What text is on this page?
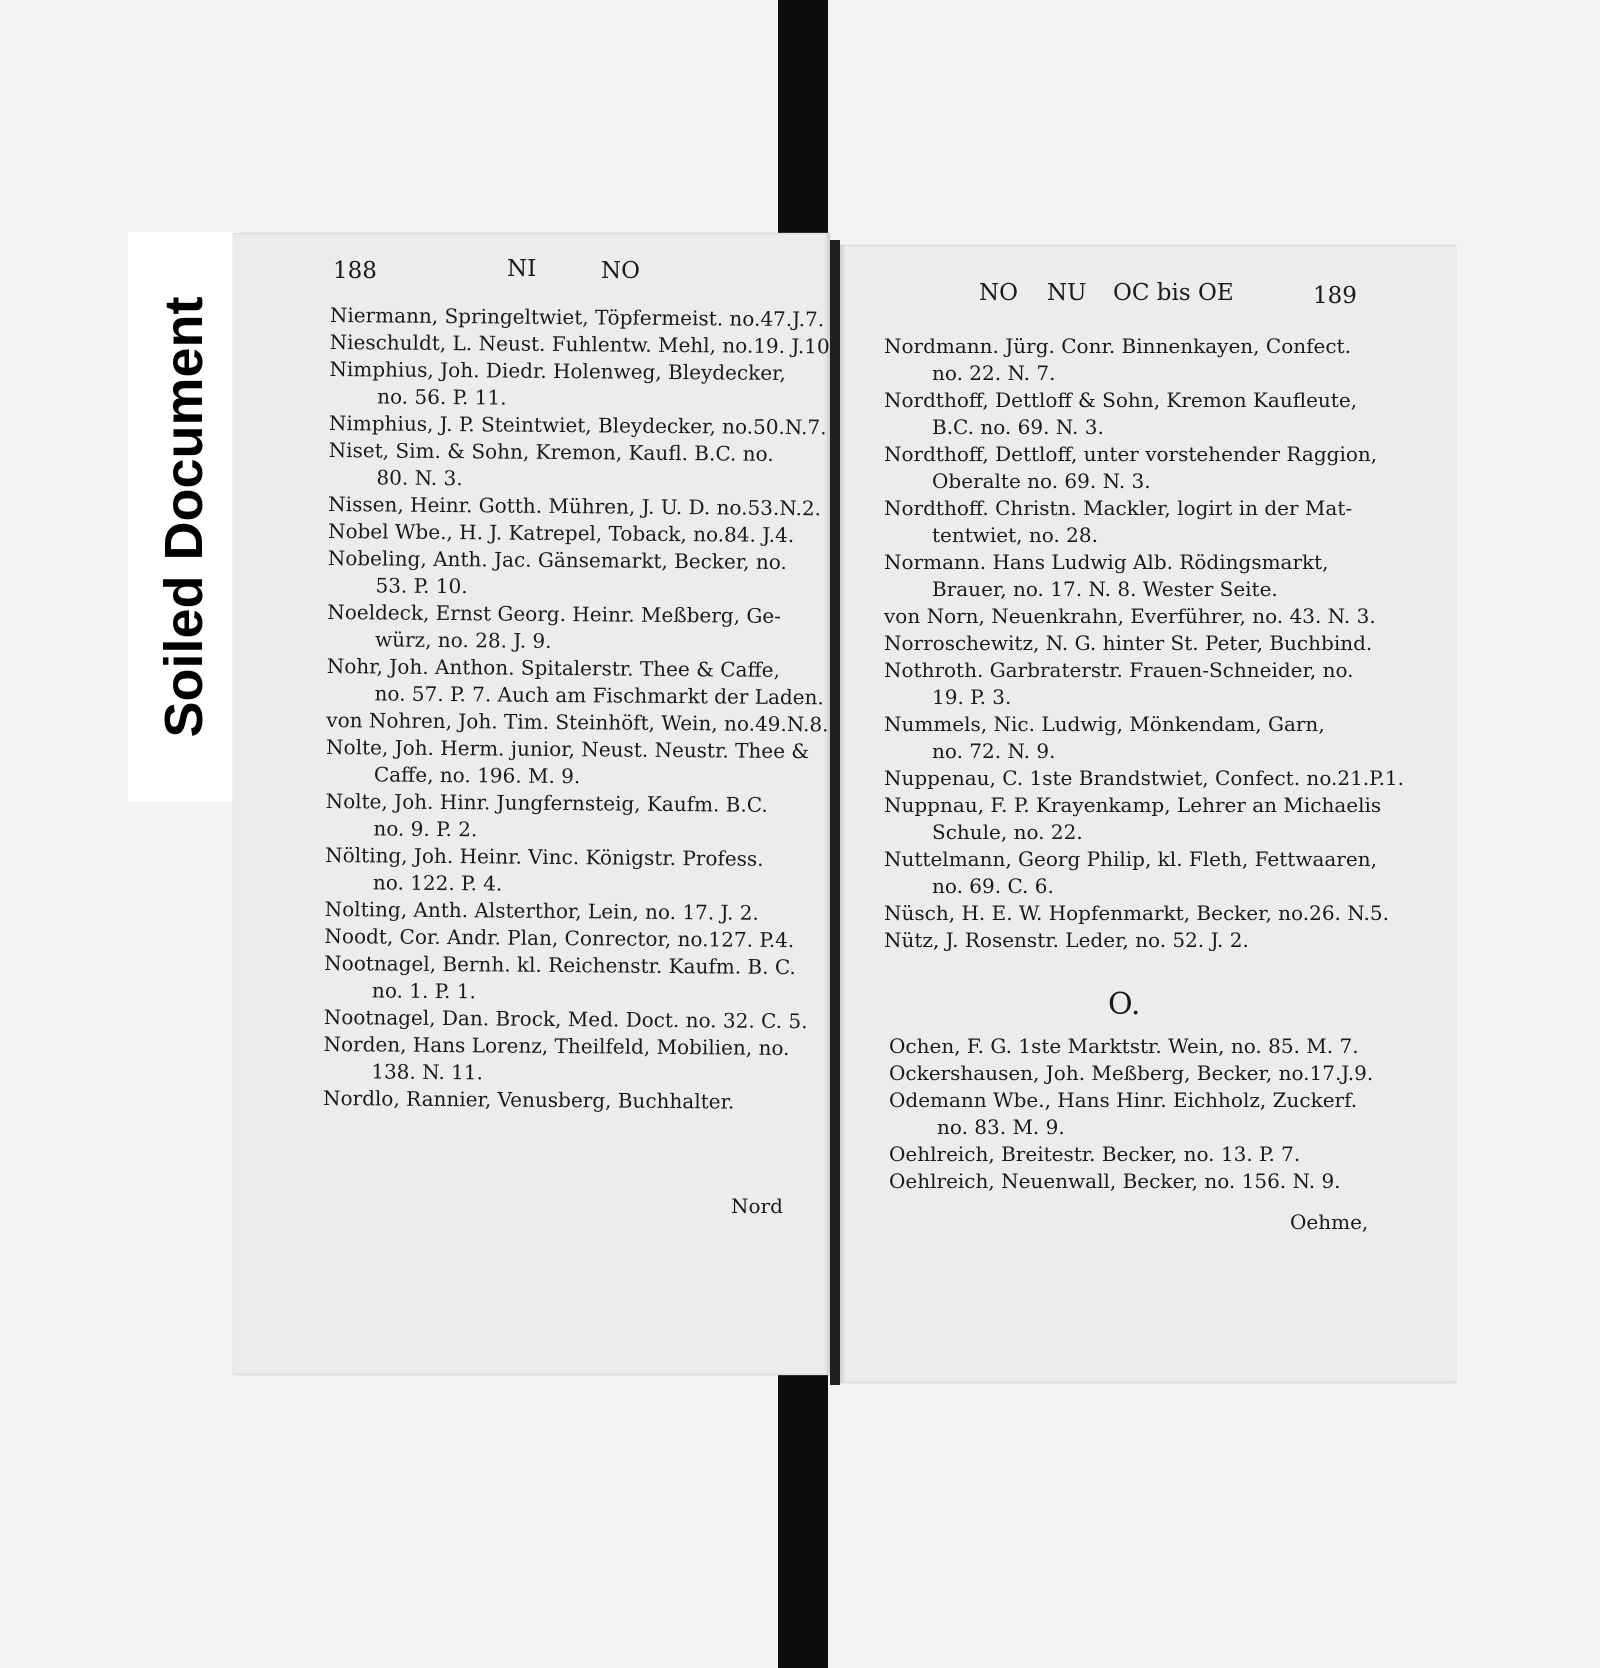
Soiled Document
188	NI	NO
Niermann, Springeltwiet, Töpfermeist. no.47.J.7.
Nieschuldt, L. Neust. Fuhlentw. Mehl, no.19. J.10.
Nimphius, Joh. Diedr. Holenweg, Bleydecker,
no. 56. P. 11.
Nimphius, J. P. Steintwiet, Bleydecker, no.50.N.7.
Niset, Sim. & Sohn, Kremon, Kaufl. B.C. no.
80. N. 3.
Nissen, Heinr. Gotth. Mühren, J. U. D. no.53.N.2.
Nobel Wbe., H. J. Katrepel, Toback, no.84. J.4.
Nobeling, Anth. Jac. Gänsemarkt, Becker, no.
53. P. 10.
Noeldeck, Ernst Georg. Heinr. Meßberg, Ge-
würz, no. 28. J. 9.
Nohr, Joh. Anthon. Spitalerstr. Thee & Caffe,
no. 57. P. 7. Auch am Fischmarkt der Laden.
von Nohren, Joh. Tim. Steinhöft, Wein, no.49.N.8.
Nolte, Joh. Herm. junior, Neust. Neustr. Thee &
Caffe, no. 196. M. 9.
Nolte, Joh. Hinr. Jungfernsteig, Kaufm. B.C.
no. 9. P. 2.
Nölting, Joh. Heinr. Vinc. Königstr. Profess.
no. 122. P. 4.
Nolting, Anth. Alsterthor, Lein, no. 17. J. 2.
Noodt, Cor. Andr. Plan, Conrector, no.127. P.4.
Nootnagel, Bernh. kl. Reichenstr. Kaufm. B. C.
no. 1. P. 1.
Nootnagel, Dan. Brock, Med. Doct. no. 32. C. 5.
Norden, Hans Lorenz, Theilfeld, Mobilien, no.
138. N. 11.
Nordlo, Rannier, Venusberg, Buchhalter.
Nord
NO NU OC bis OE	189
Nordmann. Jürg. Conr. Binnenkayen, Confect.
no. 22. N. 7.
Nordthoff, Dettloff & Sohn, Kremon Kaufleute,
B.C. no. 69. N. 3.
Nordthoff, Dettloff, unter vorstehender Raggion,
Oberalte no. 69. N. 3.
Nordthoff. Christn. Mackler, logirt in der Mat-
tentwiet, no. 28.
Normann. Hans Ludwig Alb. Rödingsmarkt,
Brauer, no. 17. N. 8. Wester Seite.
von Norn, Neuenkrahn, Everführer, no. 43. N. 3.
Norroschewitz, N. G. hinter St. Peter, Buchbind.
Nothroth. Garbraterstr. Frauen-Schneider, no.
19. P. 3.
Nummels, Nic. Ludwig, Mönkendam, Garn,
no. 72. N. 9.
Nuppenau, C. 1ste Brandstwiet, Confect. no.21.P.1.
Nuppnau, F. P. Krayenkamp, Lehrer an Michaelis
Schule, no. 22.
Nuttelmann, Georg Philip, kl. Fleth, Fettwaaren,
no. 69. C. 6.
Nüsch, H. E. W. Hopfenmarkt, Becker, no.26. N.5.
Nütz, J. Rosenstr. Leder, no. 52. J. 2.
O.
Ochen, F. G. 1ste Marktstr. Wein, no. 85. M. 7.
Ockershausen, Joh. Meßberg, Becker, no.17.J.9.
Odemann Wbe., Hans Hinr. Eichholz, Zuckerf.
no. 83. M. 9.
Oehlreich, Breitestr. Becker, no. 13. P. 7.
Oehlreich, Neuenwall, Becker, no. 156. N. 9.
Oehme,
